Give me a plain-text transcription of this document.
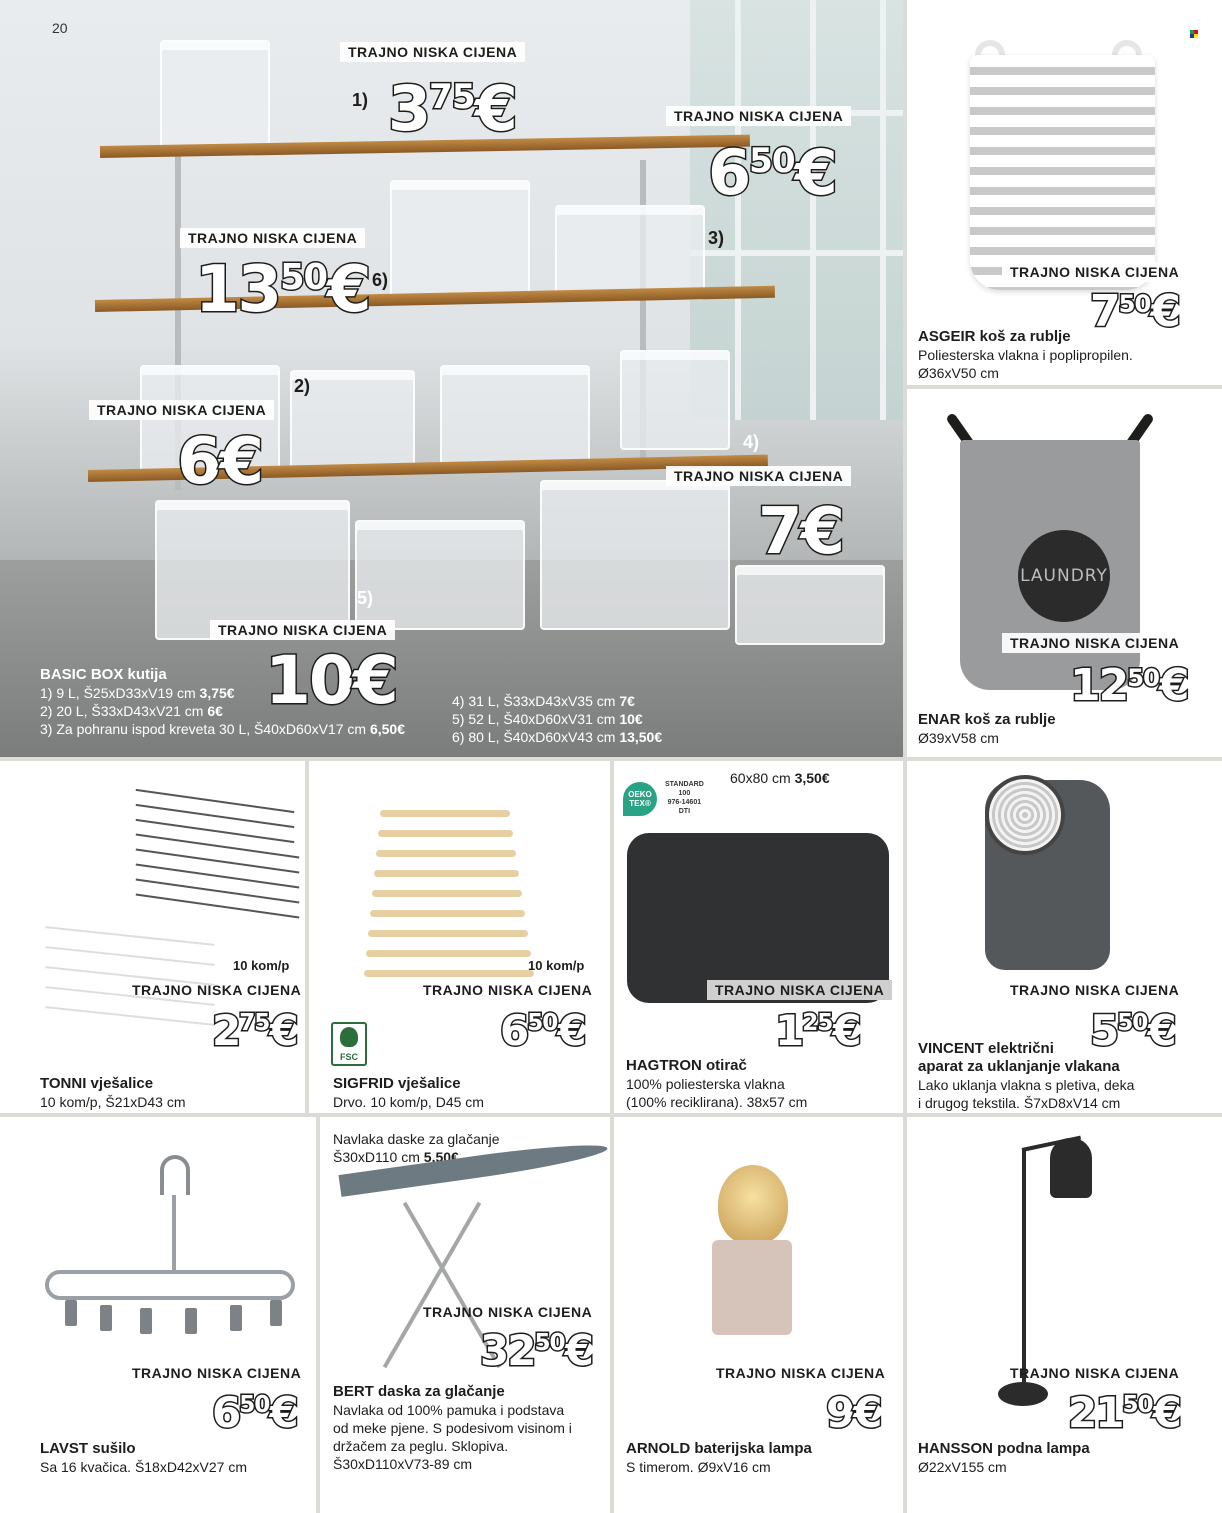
20
TRAJNO NISKA CIJENA
1) $3^{75}€$	TRAJNO NISKA CIJENA
$6^{50}€$
3)
TRAJNO NISKA CIJENA
$13^{50}€$ 6)
2)
TRAJNO NISKA CIJENA
6€	4)
TRAJNO NISKA CIJENA
7€
5)
TRAJNO NISKA CIJENA
10€
BASIC BOX kutija
1) 9 L, Š25xD33xV19 cm 3,75€
2) 20 L, Š33xD43xV21 cm 6€
3) Za pohranu ispod kreveta 30 L, Š40xD60xV17 cm 6,50€
4) 31 L, Š33xD43xV35 cm 7€
5) 52 L, Š40xD60xV31 cm 10€
6) 80 L, Š40xD60xV43 cm 13,50€
TRAJNO NISKA CIJENA
$7^{50}€$
ASGEIR koš za rublje
Poliesterska vlakna i poplipropilen.
Ø36xV50 cm
LAUNDRY
TRAJNO NISKA CIJENA
$12^{50}€$
ENAR koš za rublje
Ø39xV58 cm
10 kom/p
TRAJNO NISKA CIJENA
$2^{75}€$
TONNI vješalice
10 kom/p, Š21xD43 cm
10 kom/p
TRAJNO NISKA CIJENA
FSC
$6^{50}€$
SIGFRID vješalice
Drvo. 10 kom/p, D45 cm
OEKO TEX®
STANDARD
100
976-14601
DTI
60x80 cm 3,50€
TRAJNO NISKA CIJENA
$1^{25}€$
HAGTRON otirač
100% poliesterska vlakna
(100% reciklirana). 38x57 cm
TRAJNO NISKA CIJENA
$5^{50}€$
VINCENT električni
aparat za uklanjanje vlakana
Lako uklanja vlakna s pletiva, deka
i drugog tekstila. Š7xD8xV14 cm
TRAJNO NISKA CIJENA
$6^{50}€$
LAVST sušilo
Sa 16 kvačica. Š18xD42xV27 cm
Navlaka daske za glačanje
Š30xD110 cm 5,50€
TRAJNO NISKA CIJENA
$32^{50}€$
BERT daska za glačanje
Navlaka od 100% pamuka i podstava
od meke pjene. S podesivom visinom i
držačem za peglu. Sklopiva.
Š30xD110xV73-89 cm
TRAJNO NISKA CIJENA
9€
ARNOLD baterijska lampa
S timerom. Ø9xV16 cm
TRAJNO NISKA CIJENA
$21^{50}€$
HANSSON podna lampa
Ø22xV155 cm
